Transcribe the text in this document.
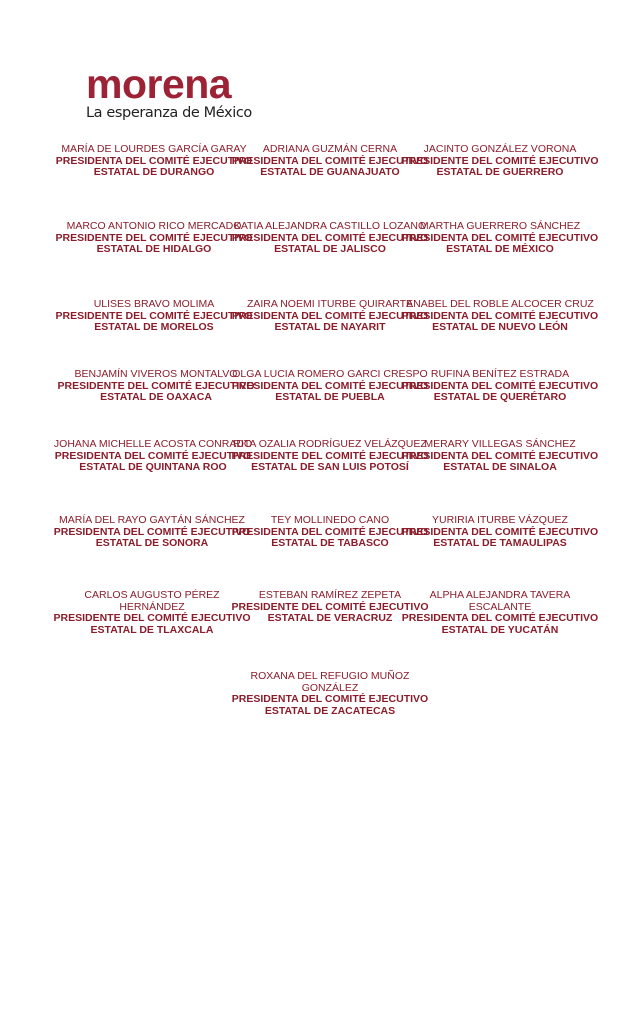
morena
La esperanza de México
MARÍA DE LOURDES GARCÍA GARAY
PRESIDENTA DEL COMITÉ EJECUTIVO ESTATAL DE DURANGO
ADRIANA GUZMÁN CERNA
PRESIDENTA DEL COMITÉ EJECUTIVO ESTATAL DE GUANAJUATO
JACINTO GONZÁLEZ VORONA
PRESIDENTE DEL COMITÉ EJECUTIVO ESTATAL DE GUERRERO
MARCO ANTONIO RICO MERCADO
PRESIDENTE DEL COMITÉ EJECUTIVO ESTATAL DE HIDALGO
KATIA ALEJANDRA CASTILLO LOZANO
PRESIDENTA DEL COMITÉ EJECUTIVO ESTATAL DE JALISCO
MARTHA GUERRERO SÁNCHEZ
PRESIDENTA DEL COMITÉ EJECUTIVO ESTATAL DE MÉXICO
ULISES BRAVO MOLIMA
PRESIDENTE DEL COMITÉ EJECUTIVO ESTATAL DE MORELOS
ZAIRA NOEMI ITURBE QUIRARTE
PRESIDENTA DEL COMITÉ EJECUTIVO ESTATAL DE NAYARIT
ANABEL DEL ROBLE ALCOCER CRUZ
PRESIDENTA DEL COMITÉ EJECUTIVO ESTATAL DE NUEVO LEÓN
BENJAMÍN VIVEROS MONTALVO
PRESIDENTE DEL COMITÉ EJECUTIVO ESTATAL DE OAXACA
OLGA LUCIA ROMERO GARCI CRESPO
PRESIDENTA DEL COMITÉ EJECUTIVO ESTATAL DE PUEBLA
RUFINA BENÍTEZ ESTRADA
PRESIDENTA DEL COMITÉ EJECUTIVO ESTATAL DE QUERÉTARO
JOHANA MICHELLE ACOSTA CONRADO
PRESIDENTA DEL COMITÉ EJECUTIVO ESTATAL DE QUINTANA ROO
RITA OZALIA RODRÍGUEZ VELÁZQUEZ
PRESIDENTE DEL COMITÉ EJECUTIVO ESTATAL DE SAN LUIS POTOSÍ
MERARY VILLEGAS SÁNCHEZ
PRESIDENTA DEL COMITÉ EJECUTIVO ESTATAL DE SINALOA
MARÍA DEL RAYO GAYTÁN SÁNCHEZ
PRESIDENTA DEL COMITÉ EJECUTIVO ESTATAL DE SONORA
TEY MOLLINEDO CANO
PRESIDENTA DEL COMITÉ EJECUTIVO ESTATAL DE TABASCO
YURIRIA ITURBE VÁZQUEZ
PRESIDENTA DEL COMITÉ EJECUTIVO ESTATAL DE TAMAULIPAS
CARLOS AUGUSTO PÉREZ HERNÁNDEZ
PRESIDENTE DEL COMITÉ EJECUTIVO ESTATAL DE TLAXCALA
ESTEBAN RAMÍREZ ZEPETA
PRESIDENTE DEL COMITÉ EJECUTIVO ESTATAL DE VERACRUZ
ALPHA ALEJANDRA TAVERA ESCALANTE
PRESIDENTA DEL COMITÉ EJECUTIVO ESTATAL DE YUCATÁN
ROXANA DEL REFUGIO MUÑOZ GONZÁLEZ
PRESIDENTA DEL COMITÉ EJECUTIVO ESTATAL DE ZACATECAS
